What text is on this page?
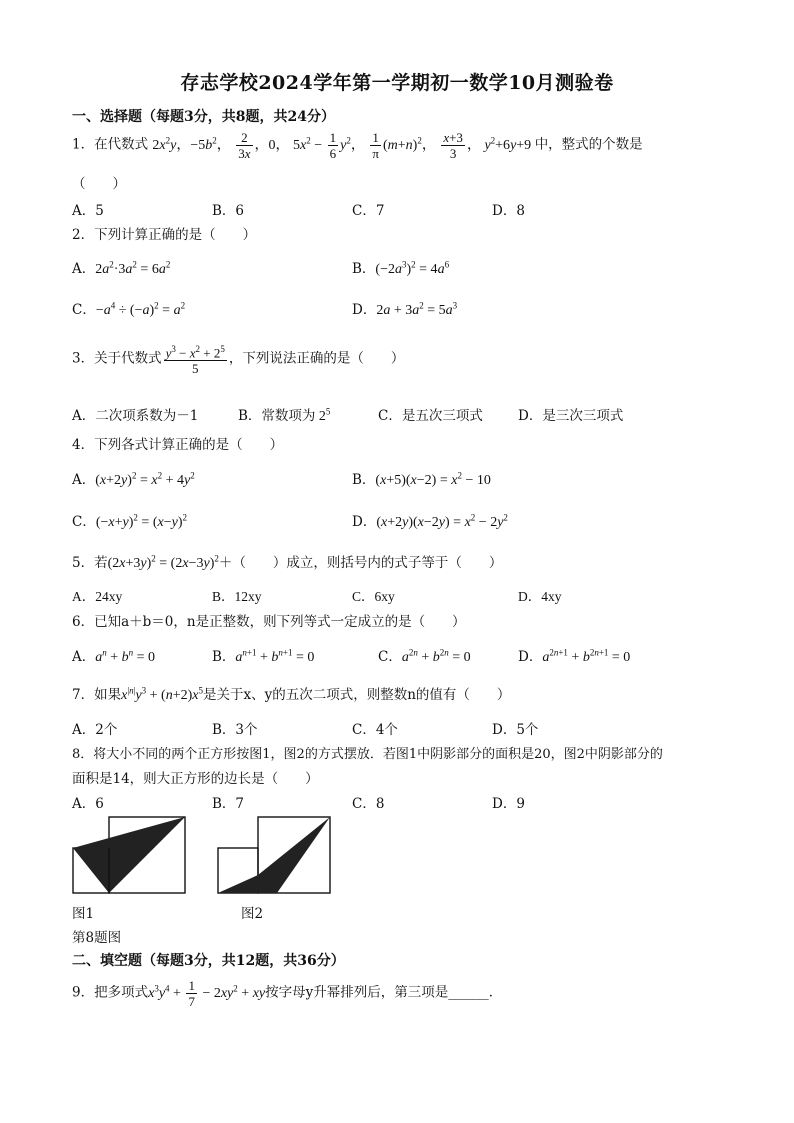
存志学校2024学年第一学期初一数学10月测验卷
一、选择题（每题3分，共8题，共24分）
1．在代数式 $2x^2y$，$-5b^2$， $\frac{2}{3x}$ ，0， $5x^2 - \frac{1}{6} y^2$， $\frac{1}{\pi} (m+n)^2$， $\frac{x+3}{3}$ ， $y^2+6y+9$ 中，整式的个数是
（　　）
A．5	B．6	C．7	D．8
2．下列计算正确的是（　　）
A．$2a^2\cdot 3a^2 = 6a^2$	B．$(-2a^3)^2 = 4a^6$
C．$-a^4 \div (-a)^2 = a^2$	D．$2a + 3a^2 = 5a^3$
3．关于代数式 $\frac{y^3 - x^2 + 2^5}{5}$ ，下列说法正确的是（　　）
A．二次项系数为－1	B．常数项为 $2^5$	C．是五次三项式	D．是三次三项式
4．下列各式计算正确的是（　　）
A．$(x+2y)^2 = x^2 + 4y^2$	B．$(x+5)(x-2) = x^2 - 10$
C．$(-x+y)^2 = (x-y)^2$	D．$(x+2y)(x-2y) = x^2 - 2y^2$
5．若$(2x+3y)^2 = (2x-3y)^2+$（　　）成立，则括号内的式子等于（　　）
A．24xy	B．12xy	C．6xy	D．4xy
6．已知a＋b＝0，n是正整数，则下列等式一定成立的是（　　）
A．$a^n + b^n = 0$	B．$a^{n+1} + b^{n+1} = 0$	C．$a^{2n} + b^{2n} = 0$	D．$a^{2n+1} + b^{2n+1} = 0$
7．如果$x^{|n|}y^3 + (n+2)x^5$是关于x、y的五次二项式，则整数n的值有（　　）
A．2个	B．3个	C．4个	D．5个
8．将大小不同的两个正方形按图1，图2的方式摆放．若图1中阴影部分的面积是20，图2中阴影部分的
面积是14，则大正方形的边长是（　　）
A．6	B．7	C．8	D．9
图1	图2
第8题图
二、填空题（每题3分，共12题，共36分）
9．把多项式$x^3y^4 + \frac{1}{7} - 2xy^2$ + xy按字母y升幂排列后，第三项是______．
